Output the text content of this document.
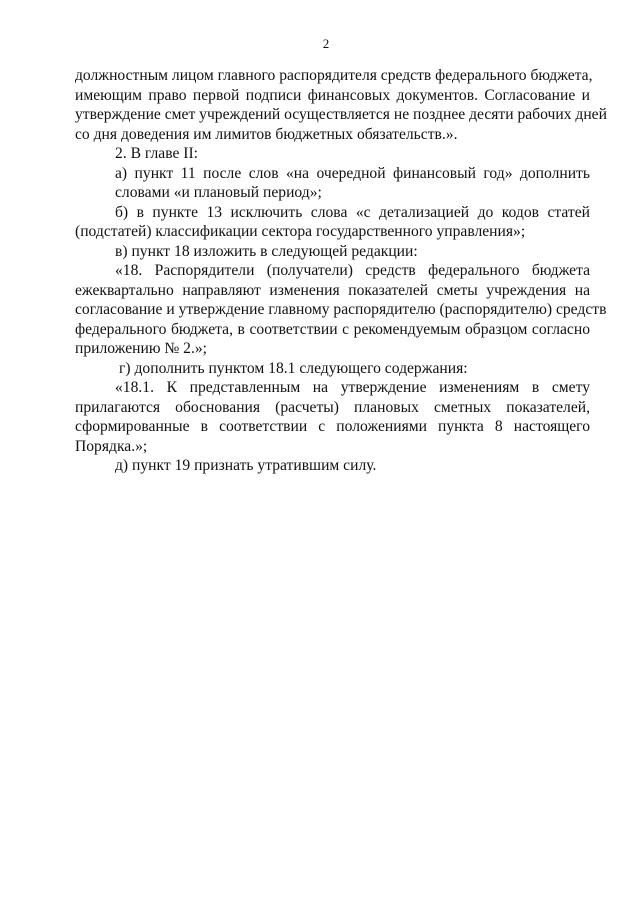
2
должностным лицом главного распорядителя средств федерального бюджета,
имеющим право первой подписи финансовых документов. Согласование и
утверждение смет учреждений осуществляется не позднее десяти рабочих дней
со дня доведения им лимитов бюджетных обязательств.».
2. В главе II:
а) пункт 11 после слов «на очередной финансовый год» дополнить
словами «и плановый период»;
б) в пункте 13 исключить слова «с детализацией до кодов статей
(подстатей) классификации сектора государственного управления»;
в) пункт 18 изложить в следующей редакции:
«18. Распорядители (получатели) средств федерального бюджета
ежеквартально направляют изменения показателей сметы учреждения на
согласование и утверждение главному распорядителю (распорядителю) средств
федерального бюджета, в соответствии с рекомендуемым образцом согласно
приложению № 2.»;
г) дополнить пунктом 18.1 следующего содержания:
«18.1. К представленным на утверждение изменениям в смету
прилагаются обоснования (расчеты) плановых сметных показателей,
сформированные в соответствии с положениями пункта 8 настоящего
Порядка.»;
д) пункт 19 признать утратившим силу.
